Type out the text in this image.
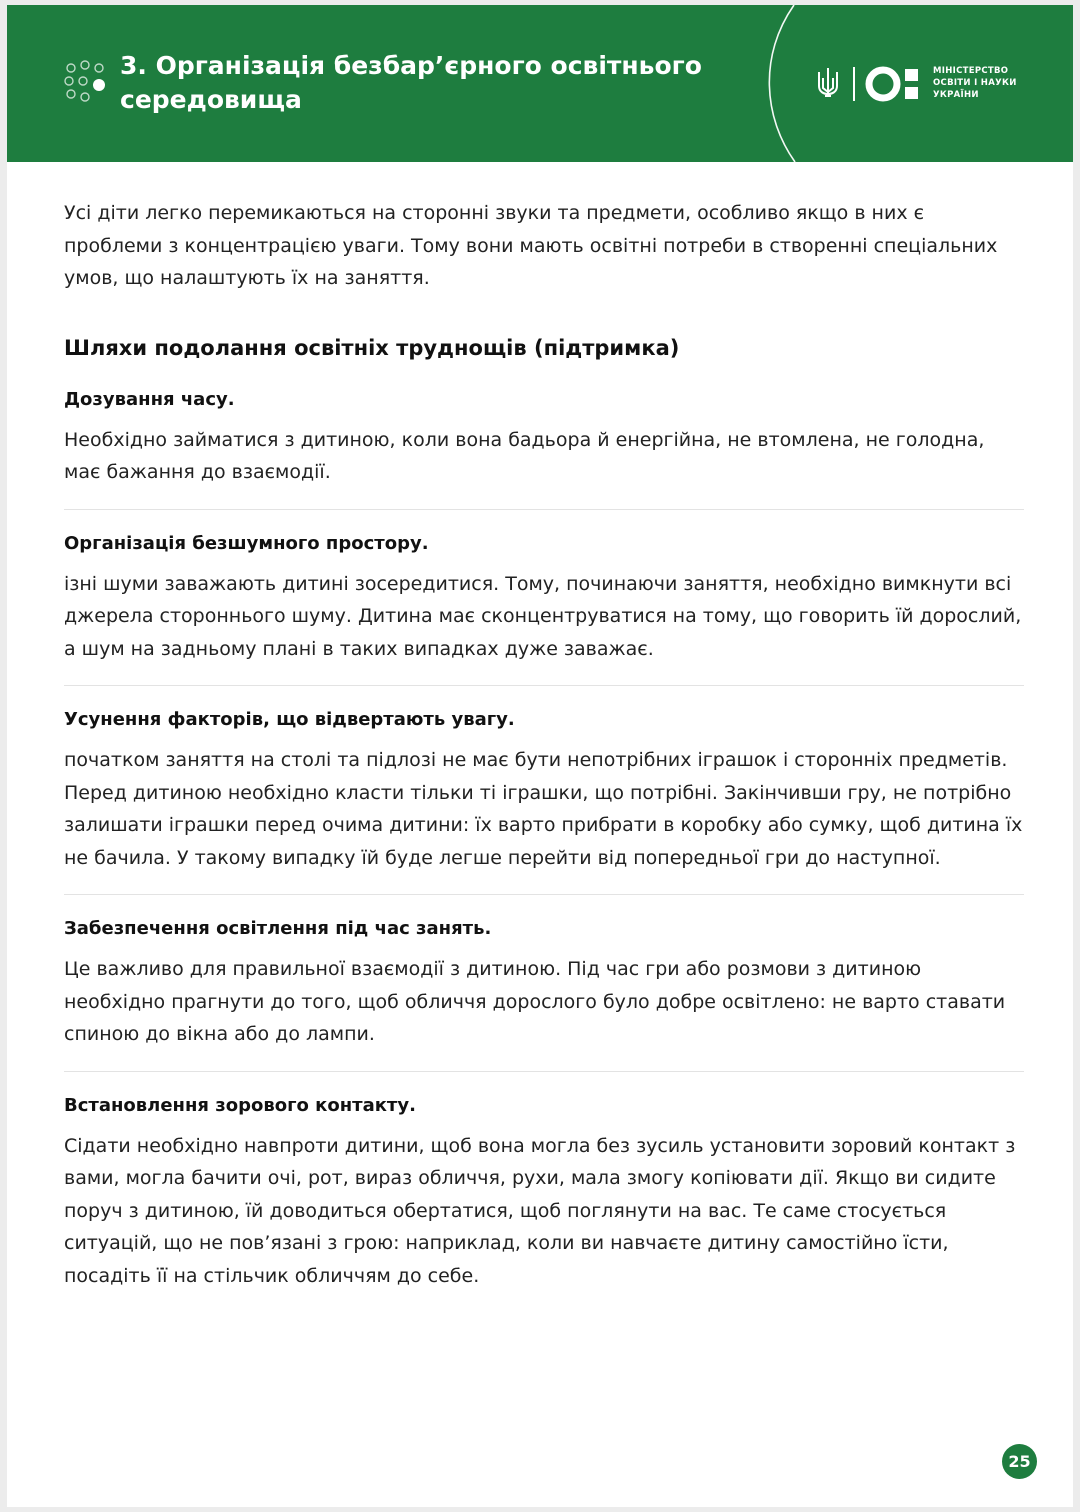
3. Організація безбар’єрного освітнього середовища
МІНІСТЕРСТВО
ОСВІТИ І НАУКИ
УКРАЇНИ

Усі діти легко перемикаються на сторонні звуки та предмети, особливо якщо в них є проблеми з концентрацією уваги. Тому вони мають освітні потреби в створенні спеціальних умов, що налаштують їх на заняття.

Шляхи подолання освітніх труднощів (підтримка)
Дозування часу.

Необхідно займатися з дитиною, коли вона бадьора й енергійна, не втомлена, не голодна, має бажання до взаємодії.

Організація безшумного простору.

ізні шуми заважають дитині зосередитися. Тому, починаючи заняття, необхідно вимкнути всі джерела стороннього шуму. Дитина має сконцентруватися на тому, що говорить їй дорослий, а шум на задньому плані в таких випадках дуже заважає.

Усунення факторів, що відвертають увагу.

початком заняття на столі та підлозі не має бути непотрібних іграшок і сторонніх предметів. Перед дитиною необхідно класти тільки ті іграшки, що потрібні. Закінчивши гру, не потрібно залишати іграшки перед очима дитини: їх варто прибрати в коробку або сумку, щоб дитина їх не бачила. У такому випадку їй буде легше перейти від попередньої гри до наступної.

Забезпечення освітлення під час занять.

Це важливо для правильної взаємодії з дитиною. Під час гри або розмови з дитиною необхідно прагнути до того, щоб обличчя дорослого було добре освітлено: не варто ставати спиною до вікна або до лампи.

Встановлення зорового контакту.

Сідати необхідно навпроти дитини, щоб вона могла без зусиль установити зоровий контакт з вами, могла бачити очі, рот, вираз обличчя, рухи, мала змогу копіювати дії. Якщо ви сидите поруч з дитиною, їй доводиться обертатися, щоб поглянути на вас. Те саме стосується ситуацій, що не пов’язані з грою: наприклад, коли ви навчаєте дитину самостійно їсти, посадіть її на стільчик обличчям до себе.

25
